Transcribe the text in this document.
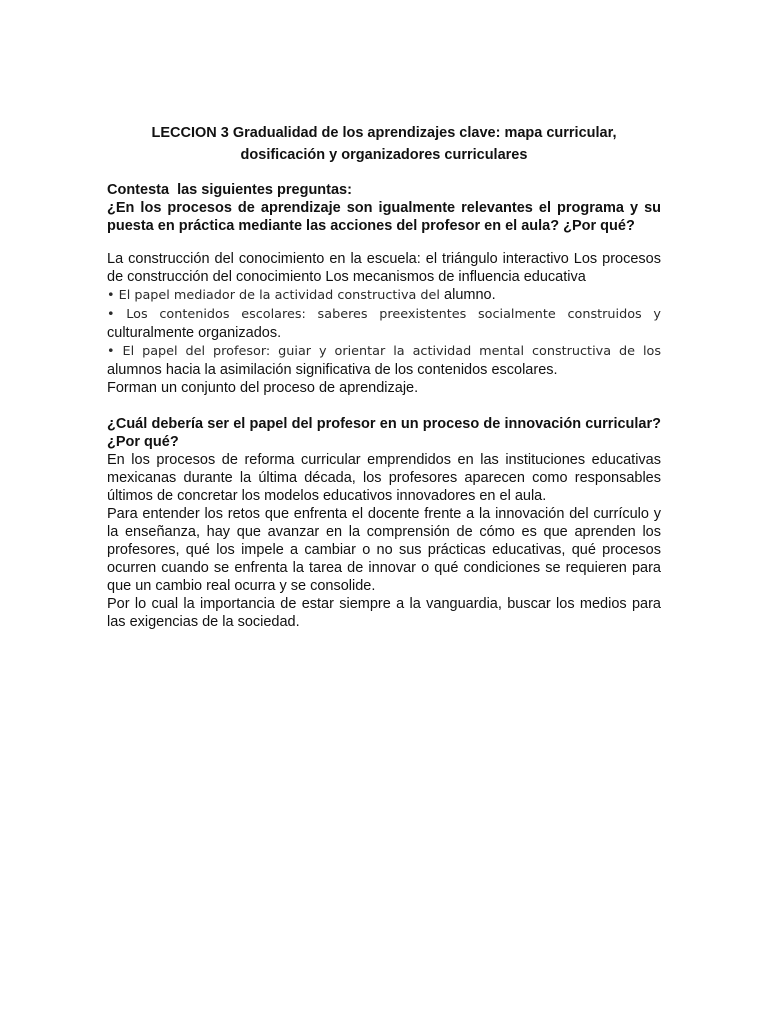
LECCION 3 Gradualidad de los aprendizajes clave: mapa curricular,
dosificación y organizadores curriculares

Contesta  las siguientes preguntas:

¿En los procesos de aprendizaje son igualmente relevantes el programa y su puesta en práctica mediante las acciones del profesor en el aula? ¿Por qué?

La construcción del conocimiento en la escuela: el triángulo interactivo Los procesos de construcción del conocimiento Los mecanismos de influencia educativa

• El papel mediador de la actividad constructiva del alumno.

• Los contenidos escolares: saberes preexistentes socialmente construidos y culturalmente organizados.

• El papel del profesor: guiar y orientar la actividad mental constructiva de los alumnos hacia la asimilación significativa de los contenidos escolares.

Forman un conjunto del proceso de aprendizaje.

¿Cuál debería ser el papel del profesor en un proceso de innovación curricular? ¿Por qué?

En los procesos de reforma curricular emprendidos en las instituciones educativas mexicanas durante la última década, los profesores aparecen como responsables últimos de concretar los modelos educativos innovadores en el aula.

Para entender los retos que enfrenta el docente frente a la innovación del currículo y la enseñanza, hay que avanzar en la comprensión de cómo es que aprenden los profesores, qué los impele a cambiar o no sus prácticas educativas, qué procesos ocurren cuando se enfrenta la tarea de innovar o qué condiciones se requieren para que un cambio real ocurra y se consolide.

Por lo cual la importancia de estar siempre a la vanguardia, buscar los medios para las exigencias de la sociedad.
